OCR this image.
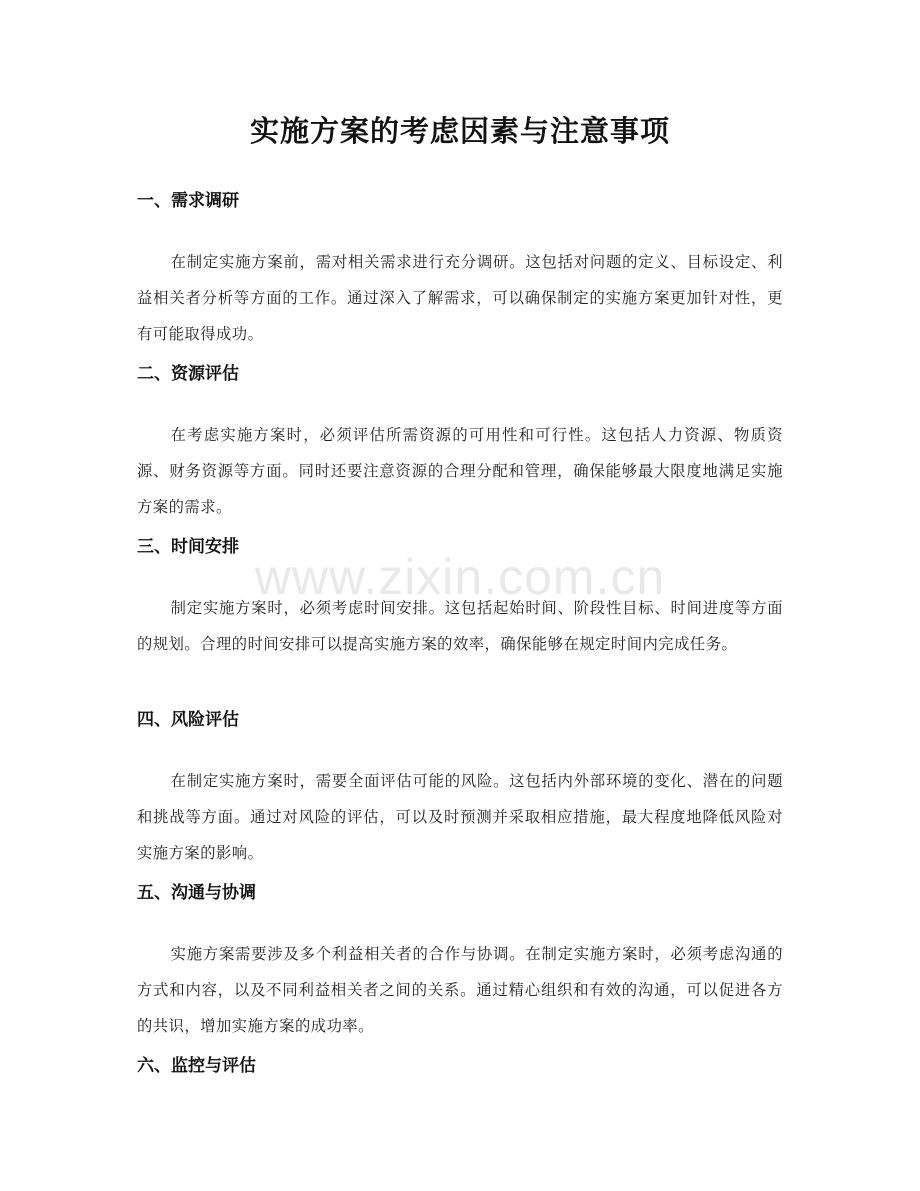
实施方案的考虑因素与注意事项
www.zixin.com.cn
一、需求调研

在制定实施方案前，需对相关需求进行充分调研。这包括对问题的定义、目标设定、利益相关者分析等方面的工作。通过深入了解需求，可以确保制定的实施方案更加针对性，更有可能取得成功。

二、资源评估

在考虑实施方案时，必须评估所需资源的可用性和可行性。这包括人力资源、物质资源、财务资源等方面。同时还要注意资源的合理分配和管理，确保能够最大限度地满足实施方案的需求。

三、时间安排

制定实施方案时，必须考虑时间安排。这包括起始时间、阶段性目标、时间进度等方面的规划。合理的时间安排可以提高实施方案的效率，确保能够在规定时间内完成任务。

四、风险评估

在制定实施方案时，需要全面评估可能的风险。这包括内外部环境的变化、潜在的问题和挑战等方面。通过对风险的评估，可以及时预测并采取相应措施，最大程度地降低风险对实施方案的影响。

五、沟通与协调

实施方案需要涉及多个利益相关者的合作与协调。在制定实施方案时，必须考虑沟通的方式和内容，以及不同利益相关者之间的关系。通过精心组织和有效的沟通，可以促进各方的共识，增加实施方案的成功率。

六、监控与评估
